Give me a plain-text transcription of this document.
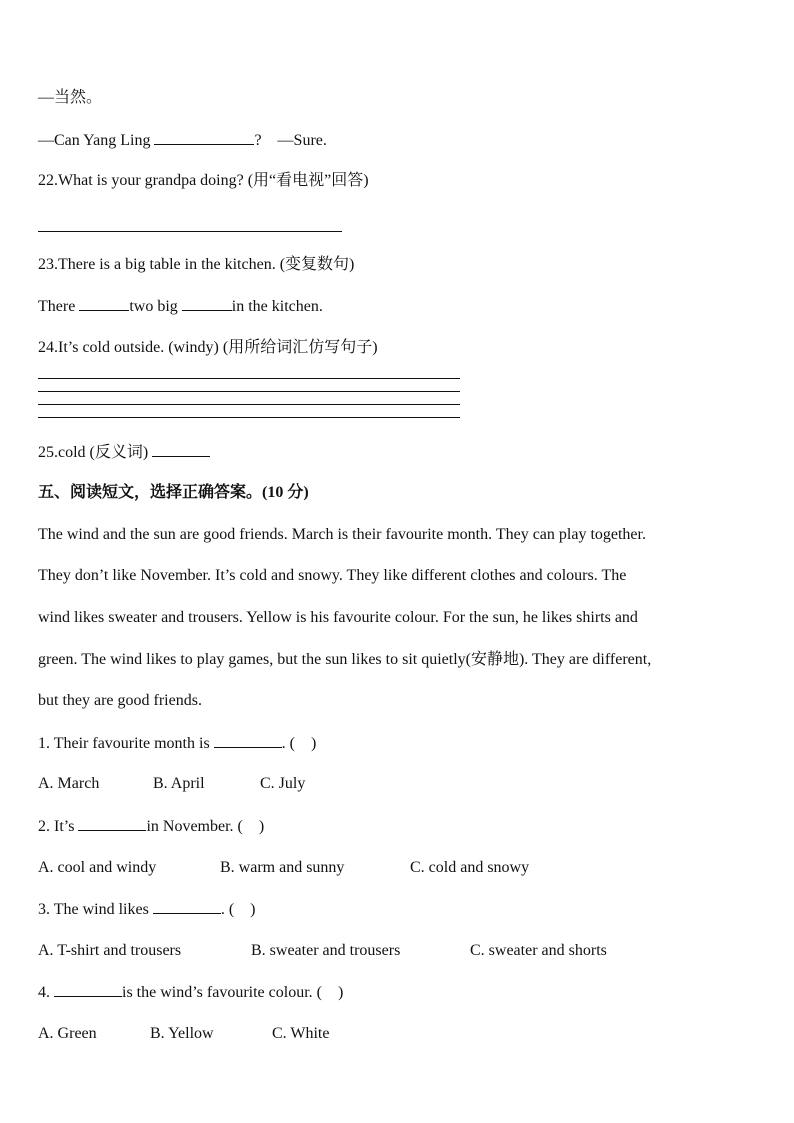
—当然。
—Can Yang Ling	?    —Sure.
22.What is your grandpa doing? (用“看电视”回答)
23.There is a big table in the kitchen. (变复数句)
There	two big	in the kitchen.
24.It’s cold outside. (windy) (用所给词汇仿写句子)
25.cold (反义词)
五、阅读短文，选择正确答案。(10 分)
The wind and the sun are good friends. March is their favourite month. They can play together.
They don’t like November. It’s cold and snowy. They like different clothes and colours. The
wind likes sweater and trousers. Yellow is his favourite colour. For the sun, he likes shirts and
green. The wind likes to play games, but the sun likes to sit quietly(安静地). They are different,
but they are good friends.
1. Their favourite month is	. (    )
A. March	B. April	C. July
2. It’s	in November. (    )
A. cool and windy	B. warm and sunny	C. cold and snowy
3. The wind likes	. (    )
A. T-shirt and trousers	B. sweater and trousers	C. sweater and shorts
4.	is the wind’s favourite colour. (    )
A. Green	B. Yellow	C. White
